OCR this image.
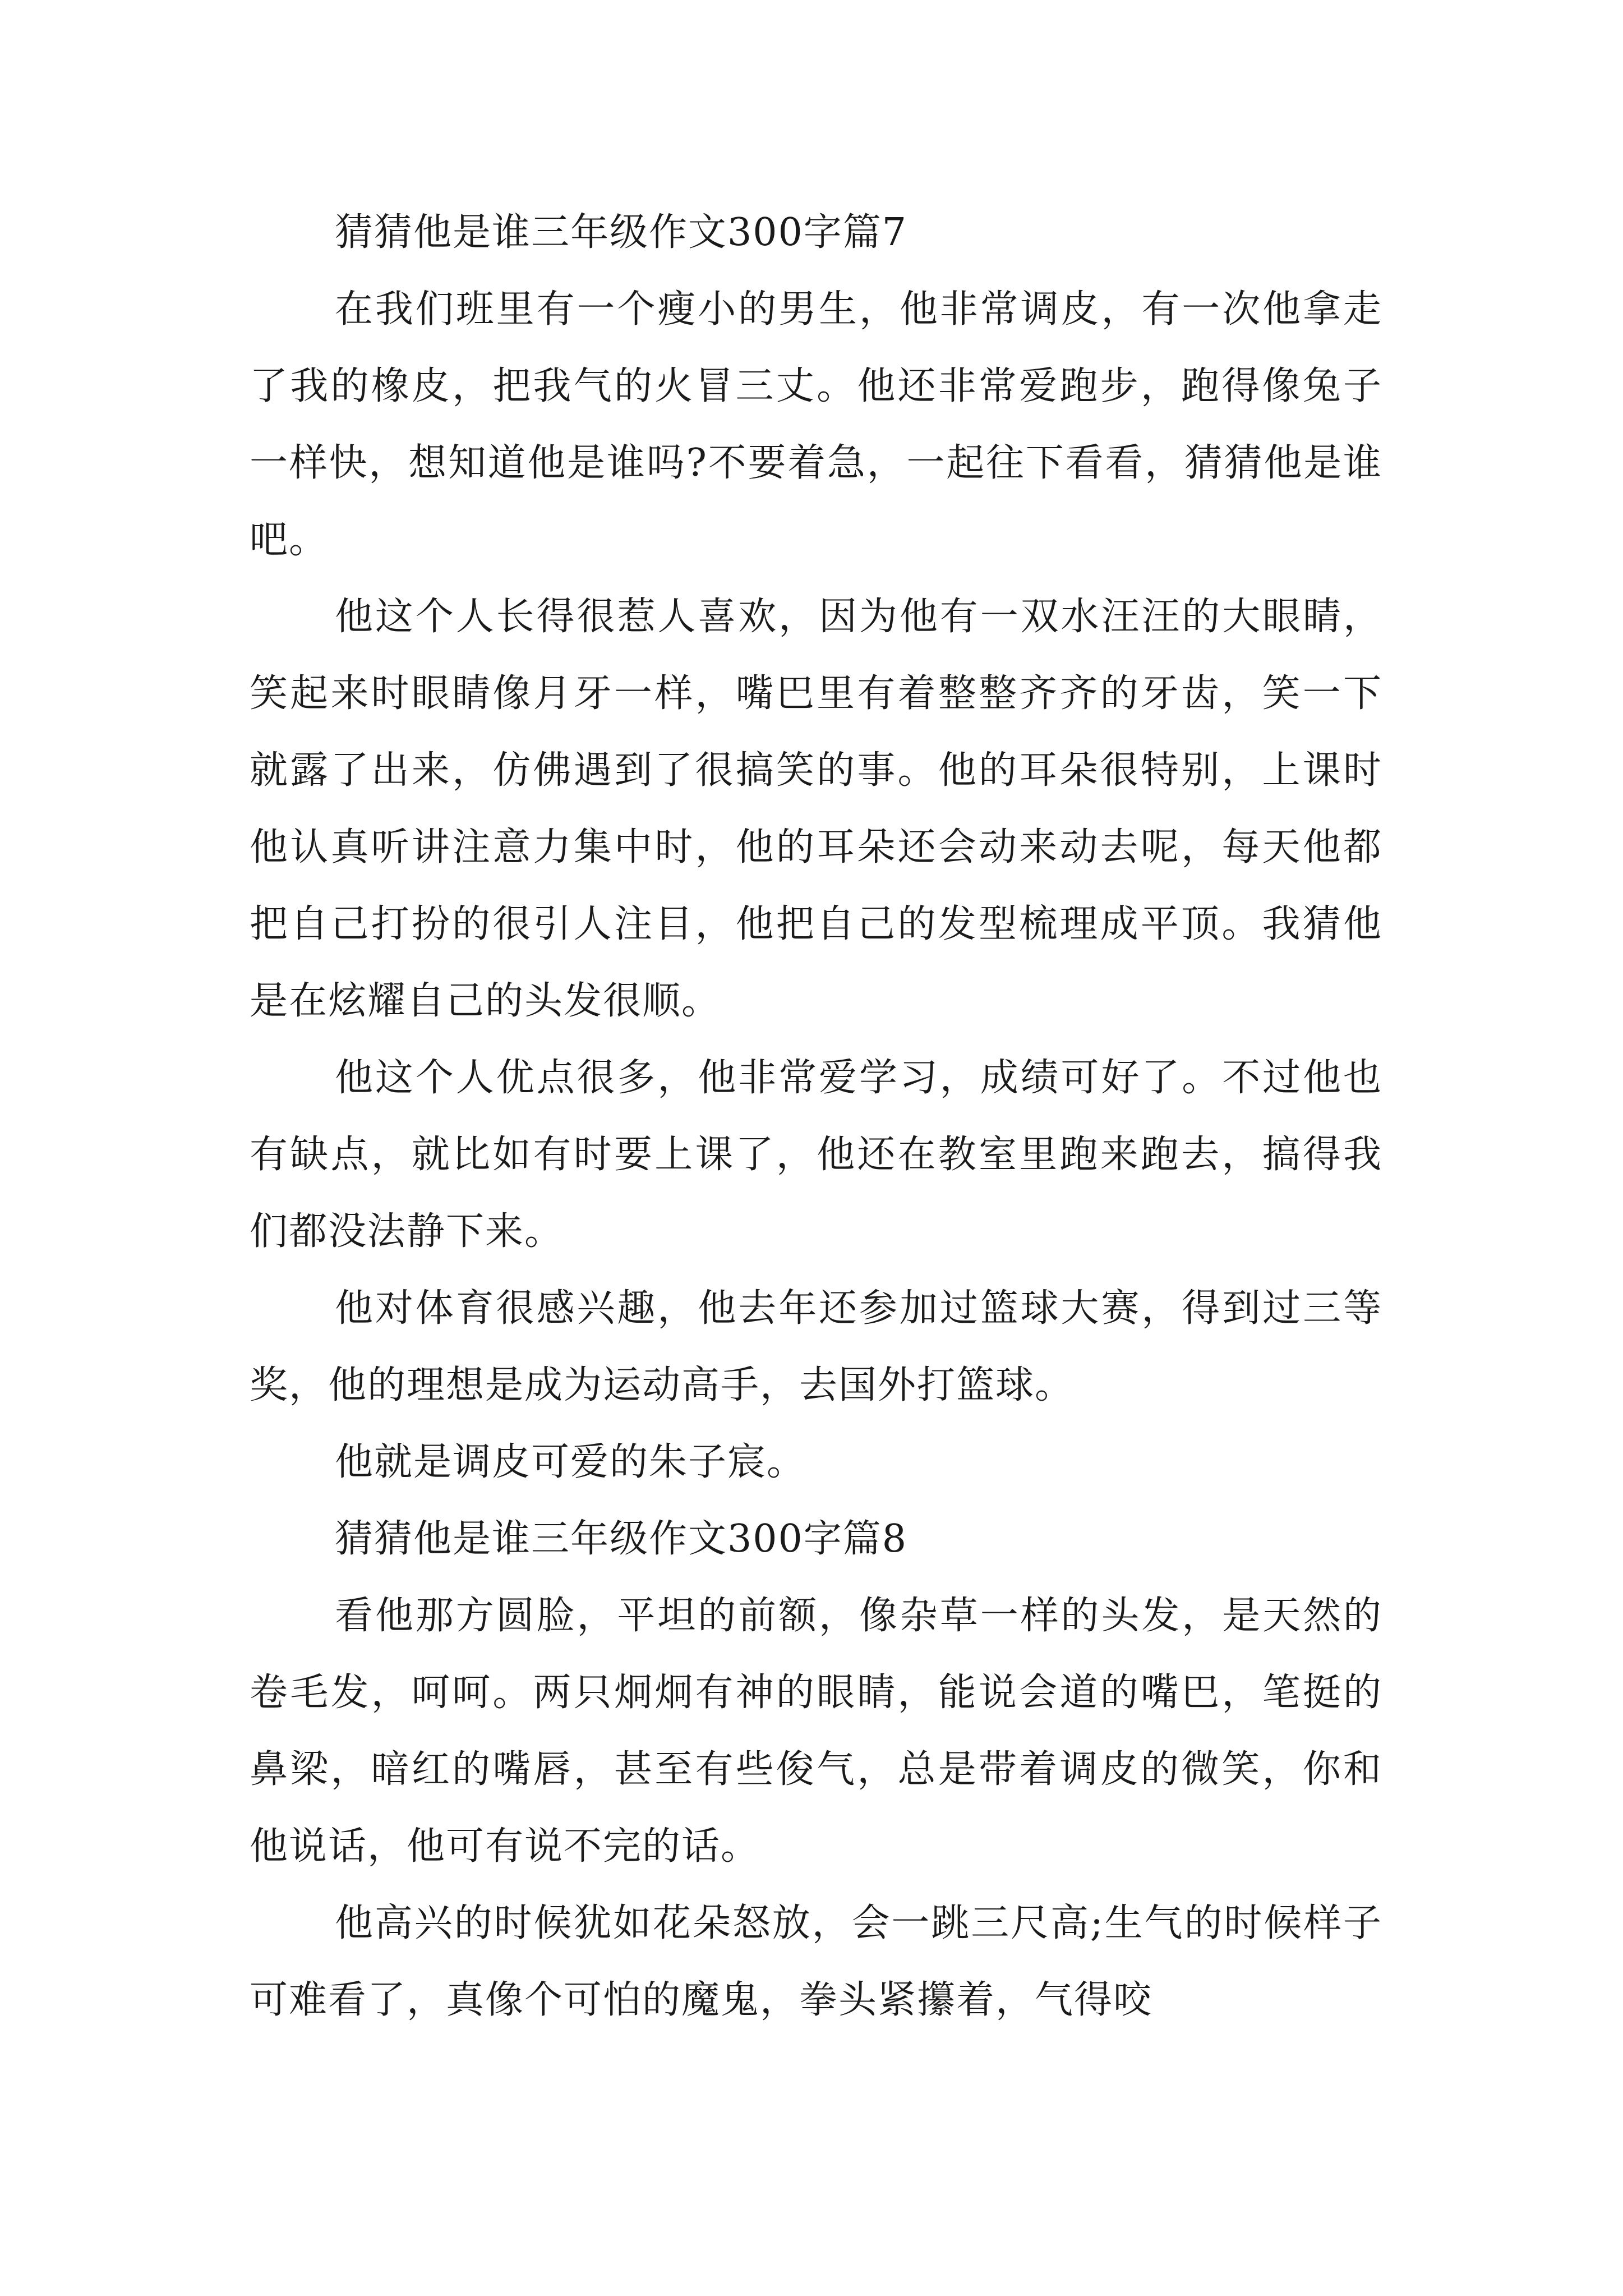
猜猜他是谁三年级作文300字篇7

在我们班里有一个瘦小的男生，他非常调皮，有一次他拿走了我的橡皮，把我气的火冒三丈。他还非常爱跑步，跑得像兔子一样快，想知道他是谁吗?不要着急，一起往下看看，猜猜他是谁吧。

他这个人长得很惹人喜欢，因为他有一双水汪汪的大眼睛，笑起来时眼睛像月牙一样，嘴巴里有着整整齐齐的牙齿，笑一下就露了出来，仿佛遇到了很搞笑的事。他的耳朵很特别，上课时他认真听讲注意力集中时，他的耳朵还会动来动去呢，每天他都把自己打扮的很引人注目，他把自己的发型梳理成平顶。我猜他是在炫耀自己的头发很顺。

他这个人优点很多，他非常爱学习，成绩可好了。不过他也有缺点，就比如有时要上课了，他还在教室里跑来跑去，搞得我们都没法静下来。

他对体育很感兴趣，他去年还参加过篮球大赛，得到过三等奖，他的理想是成为运动高手，去国外打篮球。

他就是调皮可爱的朱子宸。

猜猜他是谁三年级作文300字篇8

看他那方圆脸，平坦的前额，像杂草一样的头发，是天然的卷毛发，呵呵。两只炯炯有神的眼睛，能说会道的嘴巴，笔挺的鼻梁，暗红的嘴唇，甚至有些俊气，总是带着调皮的微笑，你和他说话，他可有说不完的话。

他高兴的时候犹如花朵怒放，会一跳三尺高;生气的时候样子可难看了，真像个可怕的魔鬼，拳头紧攥着，气得咬
